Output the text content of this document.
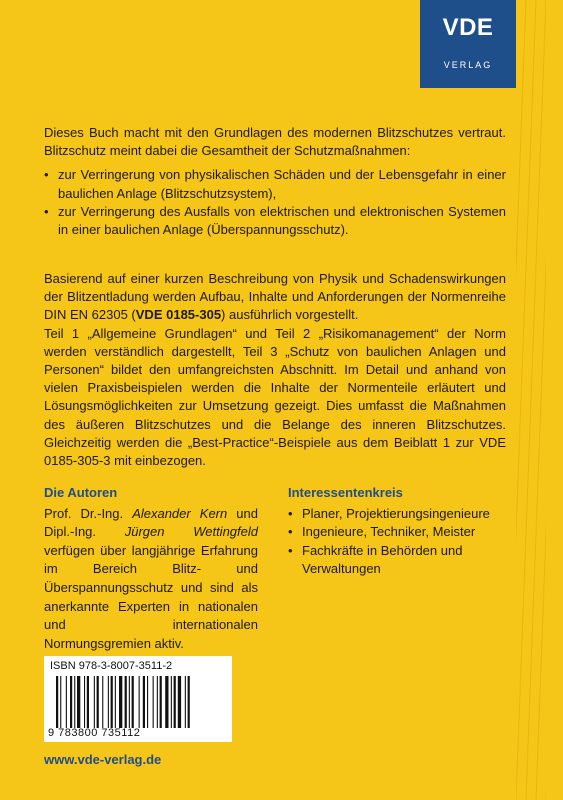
VDE
VERLAG

Dieses Buch macht mit den Grundlagen des modernen Blitzschutzes vertraut. Blitzschutz meint dabei die Gesamtheit der Schutzmaßnahmen:

• zur Verringerung von physikalischen Schäden und der Lebensgefahr in einer baulichen Anlage (Blitzschutzsystem),
• zur Verringerung des Ausfalls von elektrischen und elektronischen Systemen in einer baulichen Anlage (Überspannungsschutz).

Basierend auf einer kurzen Beschreibung von Physik und Schadenswirkungen der Blitzentladung werden Aufbau, Inhalte und Anforderungen der Normenreihe DIN EN 62305 (VDE 0185-305) ausführlich vorgestellt.

Teil 1 „Allgemeine Grundlagen“ und Teil 2 „Risikomanagement“ der Norm werden verständlich dargestellt, Teil 3 „Schutz von baulichen Anlagen und Personen“ bildet den umfangreichsten Abschnitt. Im Detail und anhand von vielen Praxisbeispielen werden die Inhalte der Normenteile erläutert und Lösungsmöglichkeiten zur Umsetzung gezeigt. Dies umfasst die Maßnahmen des äußeren Blitzschutzes und die Belange des inneren Blitzschutzes. Gleichzeitig werden die „Best-Practice“-Beispiele aus dem Beiblatt 1 zur VDE 0185-305-3 mit einbezogen.

Die Autoren

Prof. Dr.-Ing. Alexander Kern und Dipl.-Ing. Jürgen Wettingfeld verfügen über langjährige Erfahrung im Bereich Blitz- und Überspannungsschutz und sind als anerkannte Experten in nationalen und internationalen Normungsgremien aktiv.

Interessentenkreis
• Planer, Projektierungsingenieure
• Ingenieure, Techniker, Meister
• Fachkräfte in Behörden und Verwaltungen
ISBN 978-3-8007-3511-2
9 783800 735112
www.vde-verlag.de
